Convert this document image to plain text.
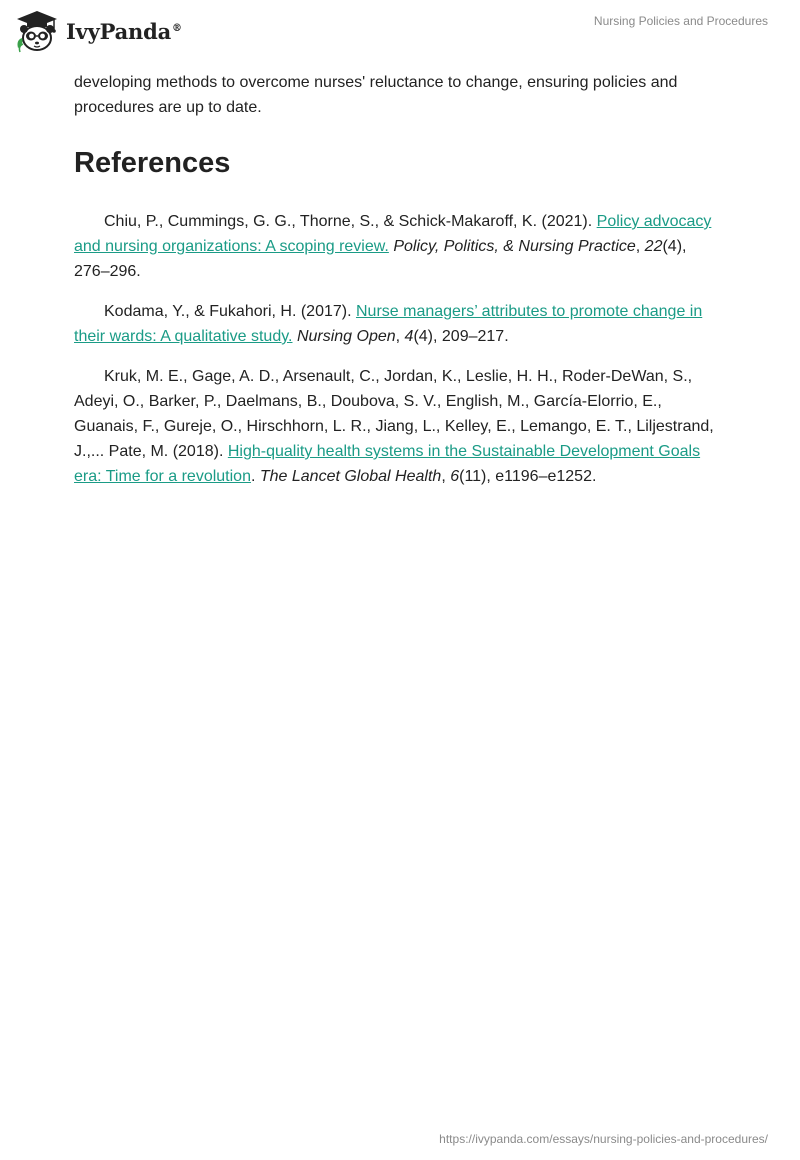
IvyPanda®	Nursing Policies and Procedures

developing methods to overcome nurses' reluctance to change, ensuring policies and procedures are up to date.

References

Chiu, P., Cummings, G. G., Thorne, S., & Schick-Makaroff, K. (2021). Policy advocacy and nursing organizations: A scoping review. Policy, Politics, & Nursing Practice, 22(4), 276–296.

Kodama, Y., & Fukahori, H. (2017). Nurse managers’ attributes to promote change in their wards: A qualitative study. Nursing Open, 4(4), 209–217.

Kruk, M. E., Gage, A. D., Arsenault, C., Jordan, K., Leslie, H. H., Roder-DeWan, S., Adeyi, O., Barker, P., Daelmans, B., Doubova, S. V., English, M., García-Elorrio, E., Guanais, F., Gureje, O., Hirschhorn, L. R., Jiang, L., Kelley, E., Lemango, E. T., Liljestrand, J.,... Pate, M. (2018). High-quality health systems in the Sustainable Development Goals era: Time for a revolution. The Lancet Global Health, 6(11), e1196–e1252.

https://ivypanda.com/essays/nursing-policies-and-procedures/
